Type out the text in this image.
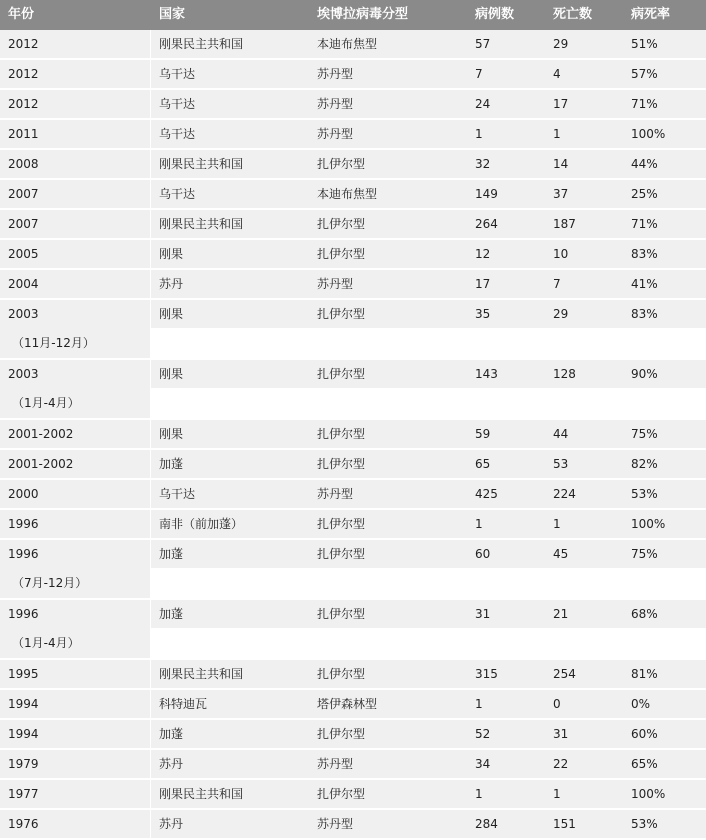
年份	国家	埃博拉病毒分型	病例数	死亡数	病死率
2012	刚果民主共和国	本迪布焦型	57	29	51%
2012	乌干达	苏丹型	7	4	57%
2012	乌干达	苏丹型	24	17	71%
2011	乌干达	苏丹型	1	1	100%
2008	刚果民主共和国	扎伊尔型	32	14	44%
2007	乌干达	本迪布焦型	149	37	25%
2007	刚果民主共和国	扎伊尔型	264	187	71%
2005	刚果	扎伊尔型	12	10	83%
2004	苏丹	苏丹型	17	7	41%
2003	刚果	扎伊尔型	35	29	83%
（11月-12月）
2003	刚果	扎伊尔型	143	128	90%
（1月-4月）
2001-2002	刚果	扎伊尔型	59	44	75%
2001-2002	加蓬	扎伊尔型	65	53	82%
2000	乌干达	苏丹型	425	224	53%
1996	南非（前加蓬）	扎伊尔型	1	1	100%
1996	加蓬	扎伊尔型	60	45	75%
（7月-12月）
1996	加蓬	扎伊尔型	31	21	68%
（1月-4月）
1995	刚果民主共和国	扎伊尔型	315	254	81%
1994	科特迪瓦	塔伊森林型	1	0	0%
1994	加蓬	扎伊尔型	52	31	60%
1979	苏丹	苏丹型	34	22	65%
1977	刚果民主共和国	扎伊尔型	1	1	100%
1976	苏丹	苏丹型	284	151	53%
